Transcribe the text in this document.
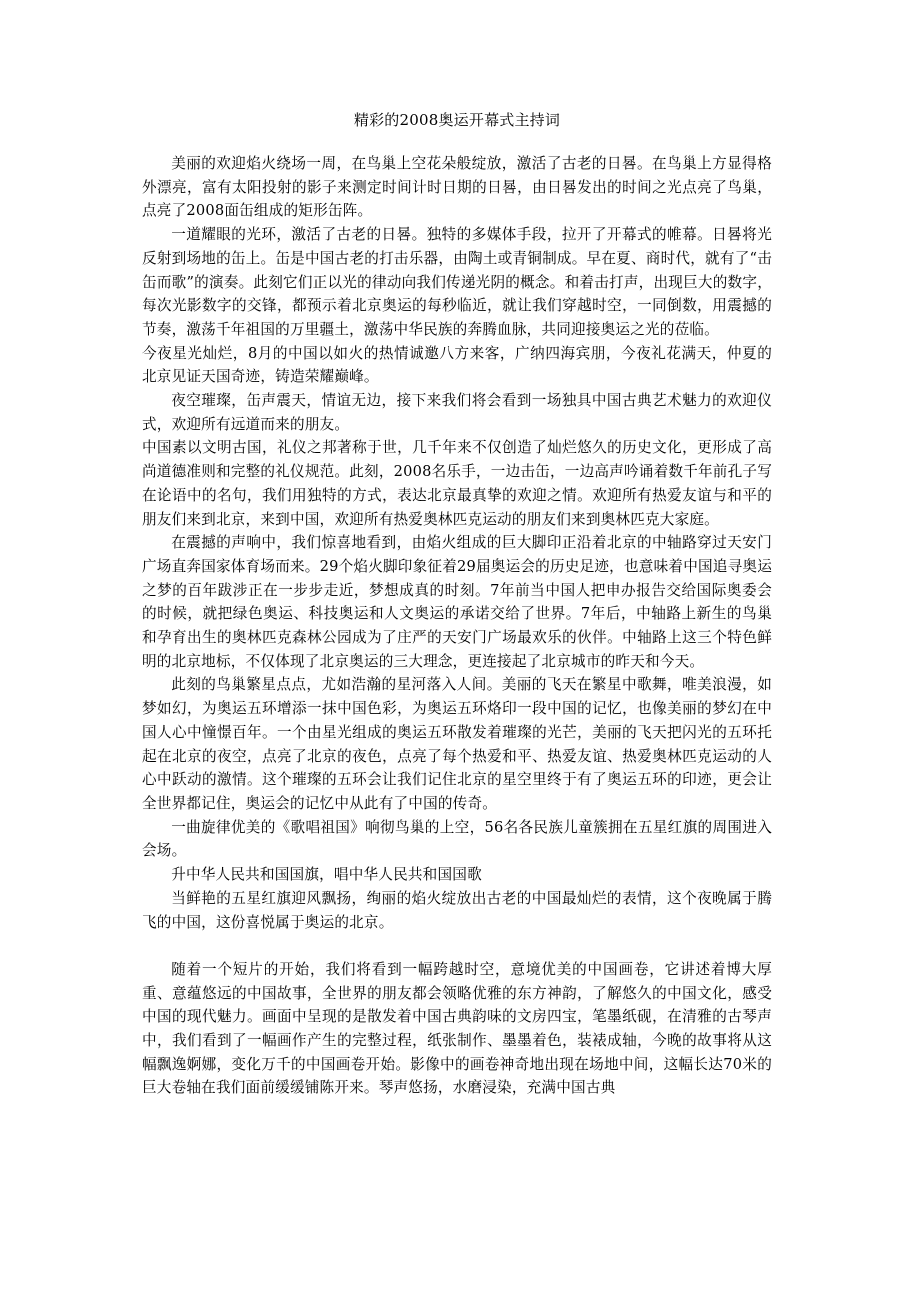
精彩的2008奥运开幕式主持词

美丽的欢迎焰火绕场一周，在鸟巢上空花朵般绽放，激活了古老的日晷。在鸟巢上方显得格外漂亮，富有太阳投射的影子来测定时间计时日期的日晷，由日晷发出的时间之光点亮了鸟巢，点亮了2008面缶组成的矩形缶阵。

一道耀眼的光环，激活了古老的日晷。独特的多媒体手段，拉开了开幕式的帷幕。日晷将光反射到场地的缶上。缶是中国古老的打击乐器，由陶土或青铜制成。早在夏、商时代，就有了“击缶而歌”的演奏。此刻它们正以光的律动向我们传递光阴的概念。和着击打声，出现巨大的数字，每次光影数字的交锋，都预示着北京奥运的每秒临近，就让我们穿越时空，一同倒数，用震撼的节奏，激荡千年祖国的万里疆土，激荡中华民族的奔腾血脉，共同迎接奥运之光的莅临。

今夜星光灿烂，8月的中国以如火的热情诚邀八方来客，广纳四海宾朋，今夜礼花满天，仲夏的北京见证天国奇迹，铸造荣耀巅峰。

夜空璀璨，缶声震天，情谊无边，接下来我们将会看到一场独具中国古典艺术魅力的欢迎仪式，欢迎所有远道而来的朋友。

中国素以文明古国，礼仪之邦著称于世，几千年来不仅创造了灿烂悠久的历史文化，更形成了高尚道德准则和完整的礼仪规范。此刻，2008名乐手，一边击缶，一边高声吟诵着数千年前孔子写在论语中的名句，我们用独特的方式，表达北京最真挚的欢迎之情。欢迎所有热爱友谊与和平的朋友们来到北京，来到中国，欢迎所有热爱奥林匹克运动的朋友们来到奥林匹克大家庭。

在震撼的声响中，我们惊喜地看到，由焰火组成的巨大脚印正沿着北京的中轴路穿过天安门广场直奔国家体育场而来。29个焰火脚印象征着29届奥运会的历史足迹，也意味着中国追寻奥运之梦的百年跋涉正在一步步走近，梦想成真的时刻。7年前当中国人把申办报告交给国际奥委会的时候，就把绿色奥运、科技奥运和人文奥运的承诺交给了世界。7年后，中轴路上新生的鸟巢和孕育出生的奥林匹克森林公园成为了庄严的天安门广场最欢乐的伙伴。中轴路上这三个特色鲜明的北京地标，不仅体现了北京奥运的三大理念，更连接起了北京城市的昨天和今天。

此刻的鸟巢繁星点点，尤如浩瀚的星河落入人间。美丽的飞天在繁星中歌舞，唯美浪漫，如梦如幻，为奥运五环增添一抹中国色彩，为奥运五环烙印一段中国的记忆，也像美丽的梦幻在中国人心中憧憬百年。一个由星光组成的奥运五环散发着璀璨的光芒，美丽的飞天把闪光的五环托起在北京的夜空，点亮了北京的夜色，点亮了每个热爱和平、热爱友谊、热爱奥林匹克运动的人心中跃动的激情。这个璀璨的五环会让我们记住北京的星空里终于有了奥运五环的印迹，更会让全世界都记住，奥运会的记忆中从此有了中国的传奇。

一曲旋律优美的《歌唱祖国》响彻鸟巢的上空，56名各民族儿童簇拥在五星红旗的周围进入会场。

升中华人民共和国国旗，唱中华人民共和国国歌

当鲜艳的五星红旗迎风飘扬，绚丽的焰火绽放出古老的中国最灿烂的表情，这个夜晚属于腾飞的中国，这份喜悦属于奥运的北京。

随着一个短片的开始，我们将看到一幅跨越时空，意境优美的中国画卷，它讲述着博大厚重、意蕴悠远的中国故事，全世界的朋友都会领略优雅的东方神韵，了解悠久的中国文化，感受中国的现代魅力。画面中呈现的是散发着中国古典韵味的文房四宝，笔墨纸砚，在清雅的古琴声中，我们看到了一幅画作产生的完整过程，纸张制作、墨墨着色，装裱成轴，今晚的故事将从这幅飘逸婀娜，变化万千的中国画卷开始。影像中的画卷神奇地出现在场地中间，这幅长达70米的巨大卷轴在我们面前缓缓铺陈开来。琴声悠扬，水磨浸染，充满中国古典
